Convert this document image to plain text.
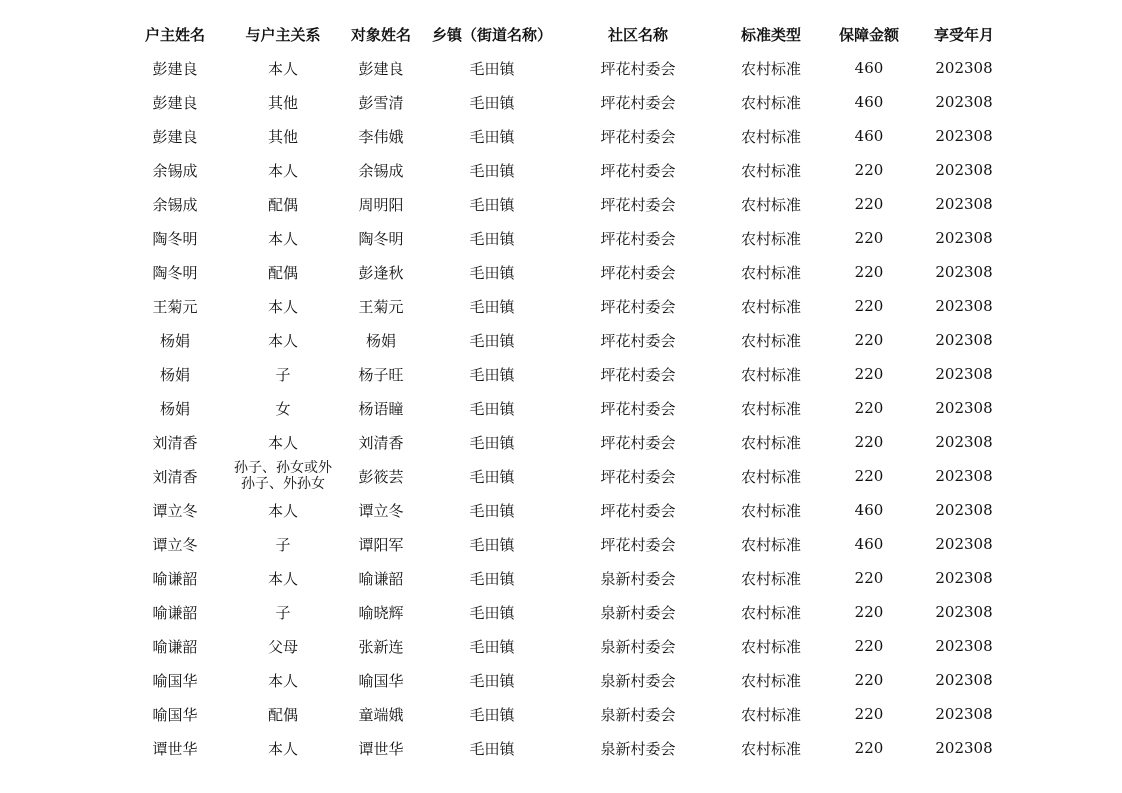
户主姓名	与户主关系	对象姓名	乡镇（街道名称）	社区名称	标准类型	保障金额	享受年月
彭建良	本人	彭建良	毛田镇	坪花村委会	农村标准	460	202308
彭建良	其他	彭雪清	毛田镇	坪花村委会	农村标准	460	202308
彭建良	其他	李伟娥	毛田镇	坪花村委会	农村标准	460	202308
余锡成	本人	余锡成	毛田镇	坪花村委会	农村标准	220	202308
余锡成	配偶	周明阳	毛田镇	坪花村委会	农村标准	220	202308
陶冬明	本人	陶冬明	毛田镇	坪花村委会	农村标准	220	202308
陶冬明	配偶	彭逢秋	毛田镇	坪花村委会	农村标准	220	202308
王菊元	本人	王菊元	毛田镇	坪花村委会	农村标准	220	202308
杨娟	本人	杨娟	毛田镇	坪花村委会	农村标准	220	202308
杨娟	子	杨子旺	毛田镇	坪花村委会	农村标准	220	202308
杨娟	女	杨语瞳	毛田镇	坪花村委会	农村标准	220	202308
刘清香	本人	刘清香	毛田镇	坪花村委会	农村标准	220	202308
刘清香	孙子、孙女或外孙子、外孙女	彭筱芸	毛田镇	坪花村委会	农村标准	220	202308
谭立冬	本人	谭立冬	毛田镇	坪花村委会	农村标准	460	202308
谭立冬	子	谭阳军	毛田镇	坪花村委会	农村标准	460	202308
喻谦韶	本人	喻谦韶	毛田镇	泉新村委会	农村标准	220	202308
喻谦韶	子	喻晓辉	毛田镇	泉新村委会	农村标准	220	202308
喻谦韶	父母	张新连	毛田镇	泉新村委会	农村标准	220	202308
喻国华	本人	喻国华	毛田镇	泉新村委会	农村标准	220	202308
喻国华	配偶	童端娥	毛田镇	泉新村委会	农村标准	220	202308
谭世华	本人	谭世华	毛田镇	泉新村委会	农村标准	220	202308
